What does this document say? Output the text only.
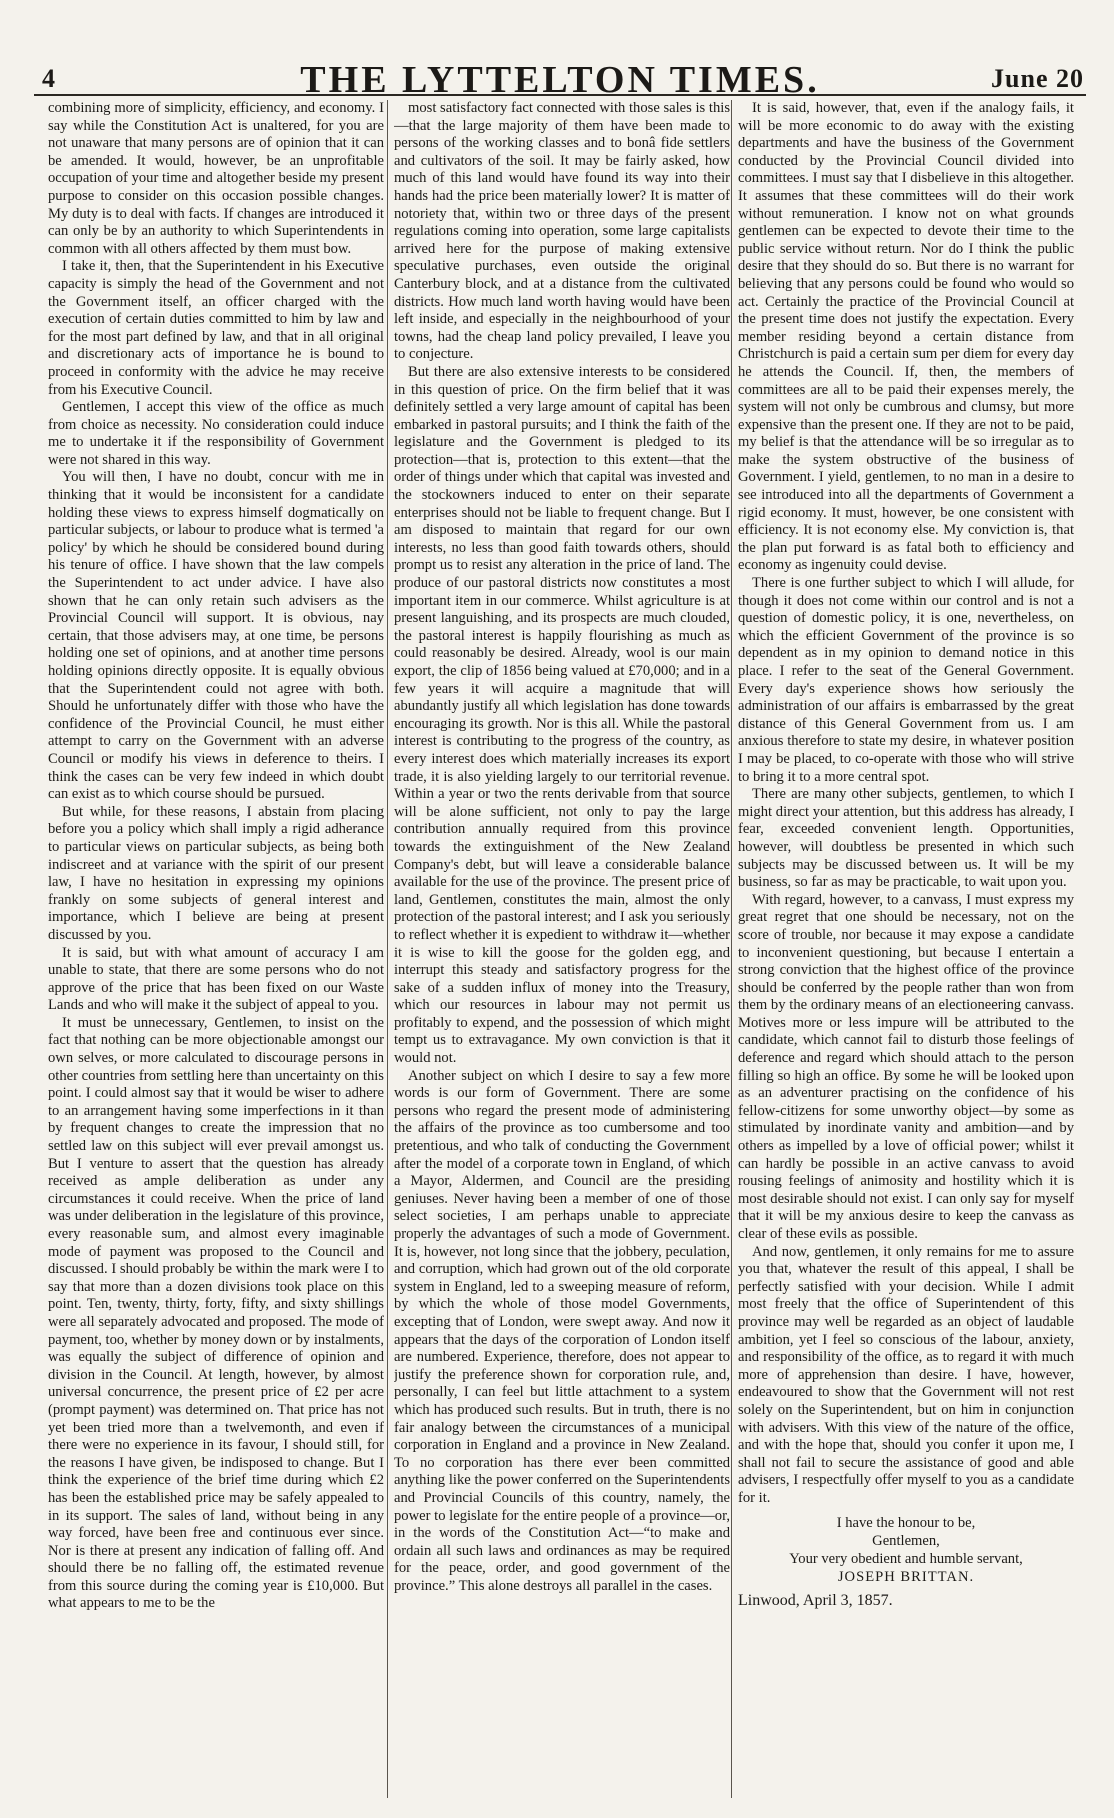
4	THE LYTTELTON TIMES.	June 20

combining more of simplicity, efficiency, and economy. I say while the Constitution Act is unaltered, for you are not unaware that many persons are of opinion that it can be amended. It would, however, be an unprofitable occupation of your time and altogether beside my present purpose to consider on this occasion possible changes. My duty is to deal with facts. If changes are introduced it can only be by an authority to which Superintendents in common with all others affected by them must bow.

I take it, then, that the Superintendent in his Executive capacity is simply the head of the Government and not the Government itself, an officer charged with the execution of certain duties committed to him by law and for the most part defined by law, and that in all original and discretionary acts of importance he is bound to proceed in conformity with the advice he may receive from his Executive Council.

Gentlemen, I accept this view of the office as much from choice as necessity. No consideration could induce me to undertake it if the responsibility of Government were not shared in this way.

You will then, I have no doubt, concur with me in thinking that it would be inconsistent for a candidate holding these views to express himself dogmatically on particular subjects, or labour to produce what is termed 'a policy' by which he should be considered bound during his tenure of office. I have shown that the law compels the Superintendent to act under advice. I have also shown that he can only retain such advisers as the Provincial Council will support. It is obvious, nay certain, that those advisers may, at one time, be persons holding one set of opinions, and at another time persons holding opinions directly opposite. It is equally obvious that the Superintendent could not agree with both. Should he unfortunately differ with those who have the confidence of the Provincial Council, he must either attempt to carry on the Government with an adverse Council or modify his views in deference to theirs. I think the cases can be very few indeed in which doubt can exist as to which course should be pursued.

But while, for these reasons, I abstain from placing before you a policy which shall imply a rigid adherance to particular views on particular subjects, as being both indiscreet and at variance with the spirit of our present law, I have no hesitation in expressing my opinions frankly on some subjects of general interest and importance, which I believe are being at present discussed by you.

It is said, but with what amount of accuracy I am unable to state, that there are some persons who do not approve of the price that has been fixed on our Waste Lands and who will make it the subject of appeal to you.

It must be unnecessary, Gentlemen, to insist on the fact that nothing can be more objectionable amongst our own selves, or more calculated to discourage persons in other countries from settling here than uncertainty on this point. I could almost say that it would be wiser to adhere to an arrangement having some imperfections in it than by frequent changes to create the impression that no settled law on this subject will ever prevail amongst us. But I venture to assert that the question has already received as ample deliberation as under any circumstances it could receive. When the price of land was under deliberation in the legislature of this province, every reasonable sum, and almost every imaginable mode of payment was proposed to the Council and discussed. I should probably be within the mark were I to say that more than a dozen divisions took place on this point. Ten, twenty, thirty, forty, fifty, and sixty shillings were all separately advocated and proposed. The mode of payment, too, whether by money down or by instalments, was equally the subject of difference of opinion and division in the Council. At length, however, by almost universal concurrence, the present price of £2 per acre (prompt payment) was determined on. That price has not yet been tried more than a twelvemonth, and even if there were no experience in its favour, I should still, for the reasons I have given, be indisposed to change. But I think the experience of the brief time during which £2 has been the established price may be safely appealed to in its support. The sales of land, without being in any way forced, have been free and continuous ever since. Nor is there at present any indication of falling off. And should there be no falling off, the estimated revenue from this source during the coming year is £10,000. But what appears to me to be the

most satisfactory fact connected with those sales is this—that the large majority of them have been made to persons of the working classes and to bonâ fide settlers and cultivators of the soil. It may be fairly asked, how much of this land would have found its way into their hands had the price been materially lower? It is matter of notoriety that, within two or three days of the present regulations coming into operation, some large capitalists arrived here for the purpose of making extensive speculative purchases, even outside the original Canterbury block, and at a distance from the cultivated districts. How much land worth having would have been left inside, and especially in the neighbourhood of your towns, had the cheap land policy prevailed, I leave you to conjecture.

But there are also extensive interests to be considered in this question of price. On the firm belief that it was definitely settled a very large amount of capital has been embarked in pastoral pursuits; and I think the faith of the legislature and the Government is pledged to its protection—that is, protection to this extent—that the order of things under which that capital was invested and the stockowners induced to enter on their separate enterprises should not be liable to frequent change. But I am disposed to maintain that regard for our own interests, no less than good faith towards others, should prompt us to resist any alteration in the price of land. The produce of our pastoral districts now constitutes a most important item in our commerce. Whilst agriculture is at present languishing, and its prospects are much clouded, the pastoral interest is happily flourishing as much as could reasonably be desired. Already, wool is our main export, the clip of 1856 being valued at £70,000; and in a few years it will acquire a magnitude that will abundantly justify all which legislation has done towards encouraging its growth. Nor is this all. While the pastoral interest is contributing to the progress of the country, as every interest does which materially increases its export trade, it is also yielding largely to our territorial revenue. Within a year or two the rents derivable from that source will be alone sufficient, not only to pay the large contribution annually required from this province towards the extinguishment of the New Zealand Company's debt, but will leave a considerable balance available for the use of the province. The present price of land, Gentlemen, constitutes the main, almost the only protection of the pastoral interest; and I ask you seriously to reflect whether it is expedient to withdraw it—whether it is wise to kill the goose for the golden egg, and interrupt this steady and satisfactory progress for the sake of a sudden influx of money into the Treasury, which our resources in labour may not permit us profitably to expend, and the possession of which might tempt us to extravagance. My own conviction is that it would not.

Another subject on which I desire to say a few more words is our form of Government. There are some persons who regard the present mode of administering the affairs of the province as too cumbersome and too pretentious, and who talk of conducting the Government after the model of a corporate town in England, of which a Mayor, Aldermen, and Council are the presiding geniuses. Never having been a member of one of those select societies, I am perhaps unable to appreciate properly the advantages of such a mode of Government. It is, however, not long since that the jobbery, peculation, and corruption, which had grown out of the old corporate system in England, led to a sweeping measure of reform, by which the whole of those model Governments, excepting that of London, were swept away. And now it appears that the days of the corporation of London itself are numbered. Experience, therefore, does not appear to justify the preference shown for corporation rule, and, personally, I can feel but little attachment to a system which has produced such results. But in truth, there is no fair analogy between the circumstances of a municipal corporation in England and a province in New Zealand. To no corporation has there ever been committed anything like the power conferred on the Superintendents and Provincial Councils of this country, namely, the power to legislate for the entire people of a province—or, in the words of the Constitution Act—“to make and ordain all such laws and ordinances as may be required for the peace, order, and good government of the province.” This alone destroys all parallel in the cases.

It is said, however, that, even if the analogy fails, it will be more economic to do away with the existing departments and have the business of the Government conducted by the Provincial Council divided into committees. I must say that I disbelieve in this altogether. It assumes that these committees will do their work without remuneration. I know not on what grounds gentlemen can be expected to devote their time to the public service without return. Nor do I think the public desire that they should do so. But there is no warrant for believing that any persons could be found who would so act. Certainly the practice of the Provincial Council at the present time does not justify the expectation. Every member residing beyond a certain distance from Christchurch is paid a certain sum per diem for every day he attends the Council. If, then, the members of committees are all to be paid their expenses merely, the system will not only be cumbrous and clumsy, but more expensive than the present one. If they are not to be paid, my belief is that the attendance will be so irregular as to make the system obstructive of the business of Government. I yield, gentlemen, to no man in a desire to see introduced into all the departments of Government a rigid economy. It must, however, be one consistent with efficiency. It is not economy else. My conviction is, that the plan put forward is as fatal both to efficiency and economy as ingenuity could devise.

There is one further subject to which I will allude, for though it does not come within our control and is not a question of domestic policy, it is one, nevertheless, on which the efficient Government of the province is so dependent as in my opinion to demand notice in this place. I refer to the seat of the General Government. Every day's experience shows how seriously the administration of our affairs is embarrassed by the great distance of this General Government from us. I am anxious therefore to state my desire, in whatever position I may be placed, to co-operate with those who will strive to bring it to a more central spot.

There are many other subjects, gentlemen, to which I might direct your attention, but this address has already, I fear, exceeded convenient length. Opportunities, however, will doubtless be presented in which such subjects may be discussed between us. It will be my business, so far as may be practicable, to wait upon you.

With regard, however, to a canvass, I must express my great regret that one should be necessary, not on the score of trouble, nor because it may expose a candidate to inconvenient questioning, but because I entertain a strong conviction that the highest office of the province should be conferred by the people rather than won from them by the ordinary means of an electioneering canvass. Motives more or less impure will be attributed to the candidate, which cannot fail to disturb those feelings of deference and regard which should attach to the person filling so high an office. By some he will be looked upon as an adventurer practising on the confidence of his fellow-citizens for some unworthy object—by some as stimulated by inordinate vanity and ambition—and by others as impelled by a love of official power; whilst it can hardly be possible in an active canvass to avoid rousing feelings of animosity and hostility which it is most desirable should not exist. I can only say for myself that it will be my anxious desire to keep the canvass as clear of these evils as possible.

And now, gentlemen, it only remains for me to assure you that, whatever the result of this appeal, I shall be perfectly satisfied with your decision. While I admit most freely that the office of Superintendent of this province may well be regarded as an object of laudable ambition, yet I feel so conscious of the labour, anxiety, and responsibility of the office, as to regard it with much more of apprehension than desire. I have, however, endeavoured to show that the Government will not rest solely on the Superintendent, but on him in conjunction with advisers. With this view of the nature of the office, and with the hope that, should you confer it upon me, I shall not fail to secure the assistance of good and able advisers, I respectfully offer myself to you as a candidate for it.

I have the honour to be,
Gentlemen,
Your very obedient and humble servant,
JOSEPH BRITTAN.
Linwood, April 3, 1857.
